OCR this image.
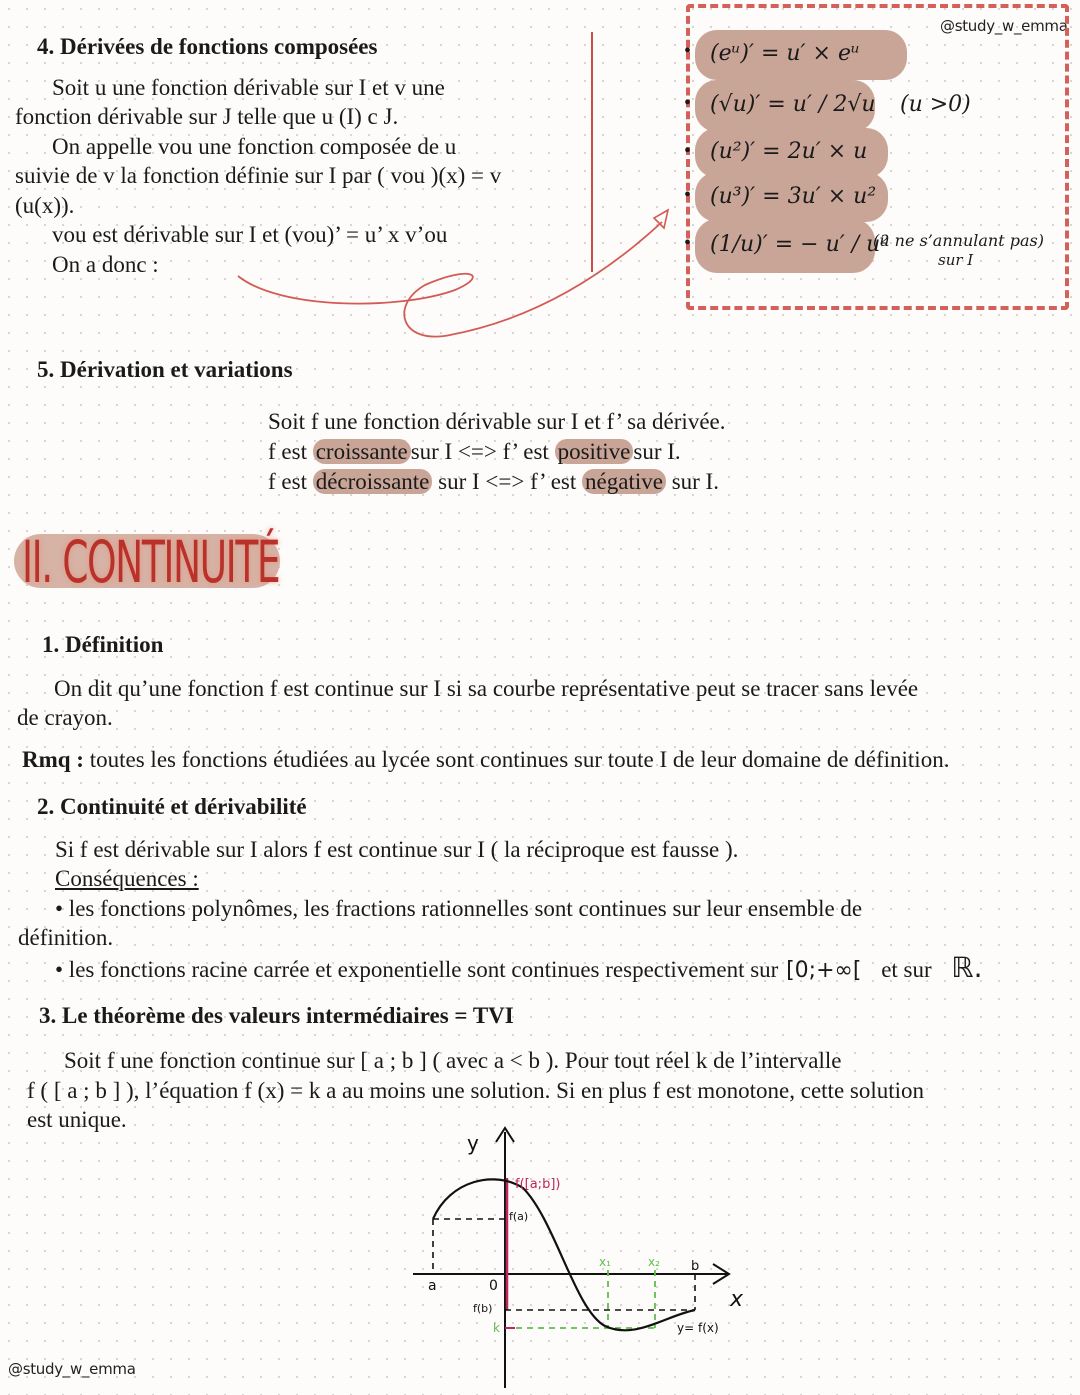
@study_w_emma
@study_w_emma
4. Dérivées de fonctions composées
Soit u une fonction dérivable sur I et v une
fonction dérivable sur J telle que u (I) c J.
On appelle vou une fonction composée de u
suivie de v la fonction définie sur I par ( vou )(x) = v
(u(x)).
vou est dérivable sur I et (vou)’ = u’ x v’ou
On a donc :
•
•
•
•
•
(eᵘ)′ = u′ × eᵘ
(√u)′ = u′ / 2√u (u >0)
(u²)′ = 2u′ × u
(u³)′ = 3u′ × u²
(1/u)′ = − u′ / u²
(u ne s’annulant pas)
sur I
5. Dérivation et variations
Soit f une fonction dérivable sur I et f’ sa dérivée.
f est croissante sur I <=> f’ est positive sur I.
f est décroissante sur I <=> f’ est négative sur I.
II. CONTINUITÉ
1. Définition
On dit qu’une fonction f est continue sur I si sa courbe représentative peut se tracer sans levée
de crayon.
Rmq : toutes les fonctions étudiées au lycée sont continues sur toute I de leur domaine de définition.
2. Continuité et dérivabilité
Si f est dérivable sur I alors f est continue sur I ( la réciproque est fausse ).
Conséquences :
• les fonctions polynômes, les fractions rationnelles sont continues sur leur ensemble de
définition.
• les fonctions racine carrée et exponentielle sont continues respectivement sur [0;+∞[ et sur ℝ.
3. Le théorème des valeurs intermédiaires = TVI
Soit f une fonction continue sur [ a ; b ] ( avec a < b ). Pour tout réel k de l’intervalle
f ( [ a ; b ] ), l’équation f (x) = k a au moins une solution. Si en plus f est monotone, cette solution
est unique.
y
x
a	0
b
f(a)
f(b)
k
f([a;b])
x₁	x₂
y= f(x)
